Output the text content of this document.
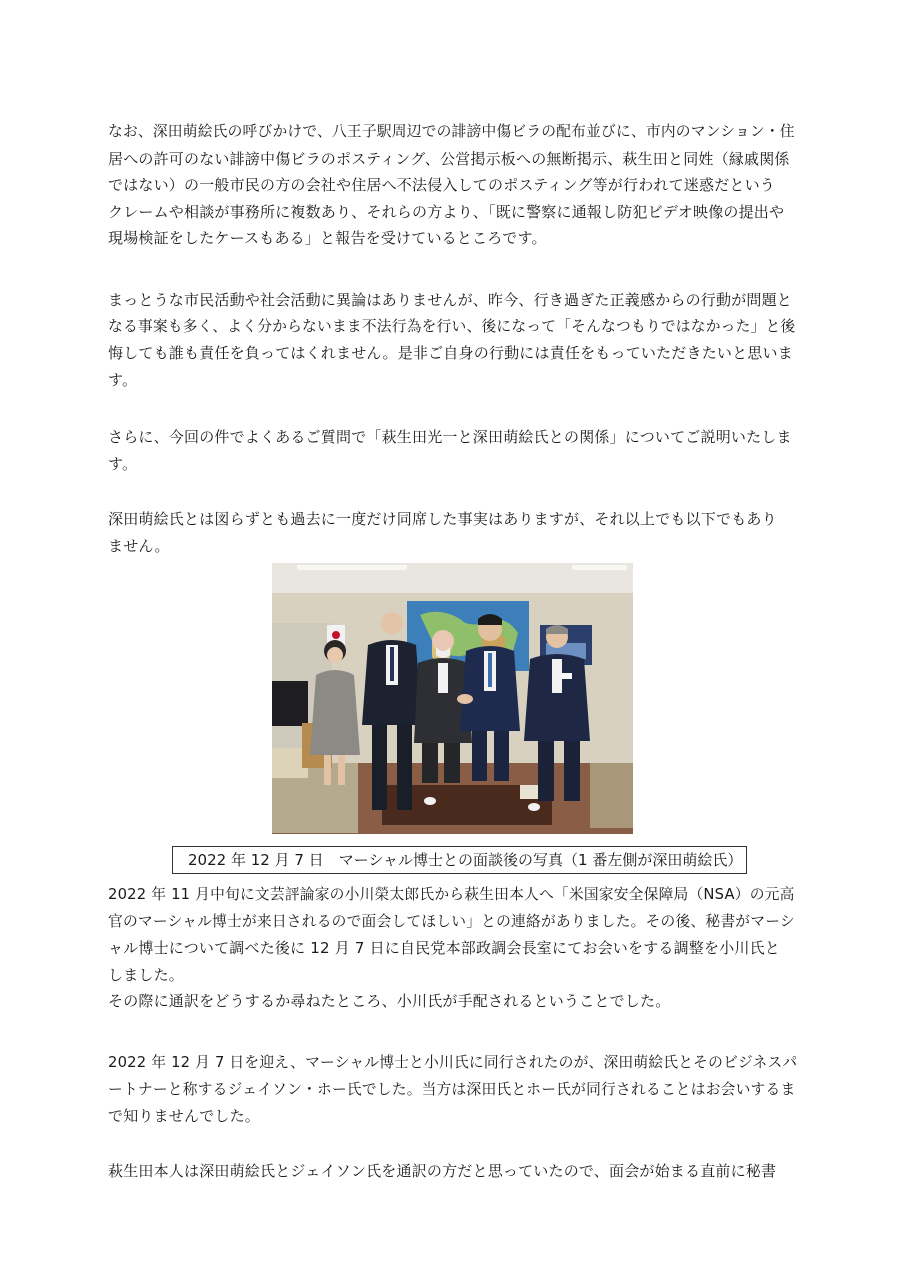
なお、深田萌絵氏の呼びかけで、八王子駅周辺での誹謗中傷ビラの配布並びに、市内のマンション・住
居への許可のない誹謗中傷ビラのポスティング、公営掲示板への無断掲示、萩生田と同姓（縁戚関係
ではない）の一般市民の方の会社や住居へ不法侵入してのポスティング等が行われて迷惑だという
クレームや相談が事務所に複数あり、それらの方より、「既に警察に通報し防犯ビデオ映像の提出や
現場検証をしたケースもある」と報告を受けているところです。

まっとうな市民活動や社会活動に異論はありませんが、昨今、行き過ぎた正義感からの行動が問題と
なる事案も多く、よく分からないまま不法行為を行い、後になって「そんなつもりではなかった」と後
悔しても誰も責任を負ってはくれません。是非ご自身の行動には責任をもっていただきたいと思いま
す。

さらに、今回の件でよくあるご質問で「萩生田光一と深田萌絵氏との関係」についてご説明いたしま
す。

深田萌絵氏とは図らずとも過去に一度だけ同席した事実はありますが、それ以上でも以下でもあり
ません。

2022 年 12 月 7 日　マーシャル博士との面談後の写真（1 番左側が深田萌絵氏）

2022 年 11 月中旬に文芸評論家の小川榮太郎氏から萩生田本人へ「米国家安全保障局（NSA）の元高
官のマーシャル博士が来日されるので面会してほしい」との連絡がありました。その後、秘書がマーシ
ャル博士について調べた後に 12 月 7 日に自民党本部政調会長室にてお会いをする調整を小川氏と
しました。
その際に通訳をどうするか尋ねたところ、小川氏が手配されるということでした。

2022 年 12 月 7 日を迎え、マーシャル博士と小川氏に同行されたのが、深田萌絵氏とそのビジネスパ
ートナーと称するジェイソン・ホー氏でした。当方は深田氏とホー氏が同行されることはお会いするま
で知りませんでした。

萩生田本人は深田萌絵氏とジェイソン氏を通訳の方だと思っていたので、面会が始まる直前に秘書
